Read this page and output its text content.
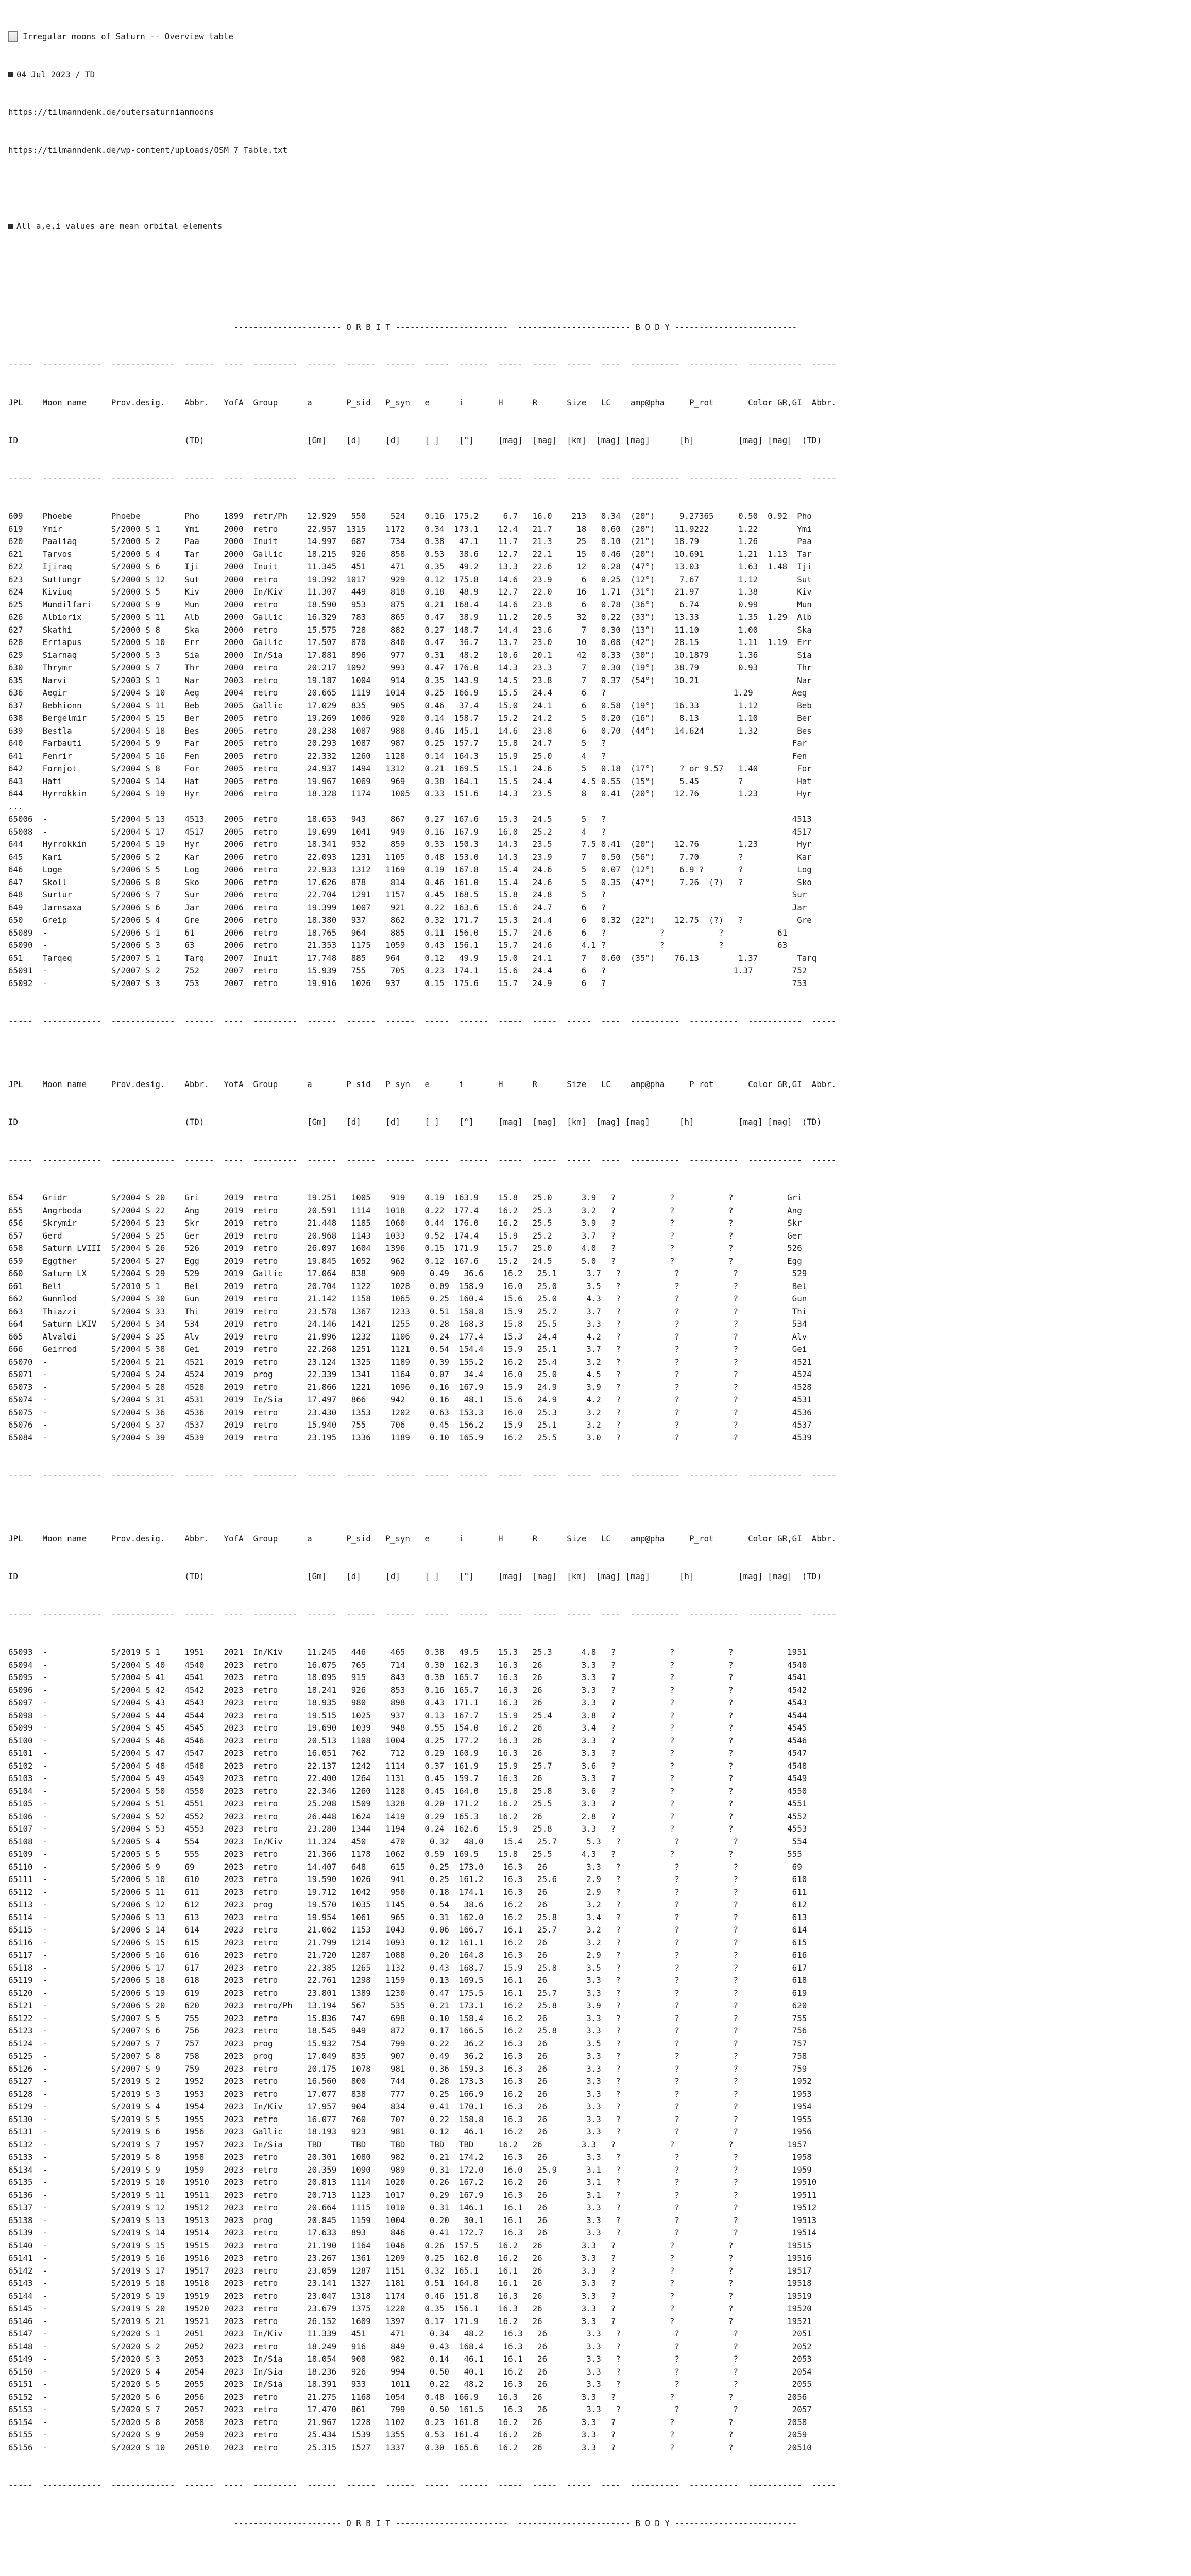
Irregular moons of Saturn -- Overview table

04 Jul 2023 / TD

https://tilmanndenk.de/outersaturnianmoons

https://tilmanndenk.de/wp-content/uploads/OSM_7_Table.txt

All a,e,i values are mean orbital elements

---------------------- O R B I T -----------------------  ----------------------- B O D Y -------------------------

-----  ------------  -------------  ------  ----  ---------  ------  ------  ------  -----  ------  -----  -----  -----  ----  ----------  ----------  -----------  -----

JPL    Moon name     Prov.desig.    Abbr.   YofA  Group      a       P_sid   P_syn   e      i       H      R      Size   LC    amp@pha     P_rot       Color GR,GI  Abbr.

ID                                  (TD)                     [Gm]    [d]     [d]     [ ]    [°]     [mag]  [mag]  [km]  [mag] [mag]      [h]         [mag] [mag]  (TD)

-----  ------------  -------------  ------  ----  ---------  ------  ------  ------  -----  ------  -----  -----  -----  ----  ----------  ----------  -----------  -----

609    Phoebe        Phoebe         Pho     1899  retr/Ph    12.929   550     524    0.16  175.2     6.7   16.0    213   0.34  (20°)     9.27365     0.50  0.92  Pho
619    Ymir          S/2000 S 1     Ymi     2000  retro      22.957  1315    1172    0.34  173.1    12.4   21.7     18   0.60  (20°)    11.9222      1.22        Ymi
620    Paaliaq       S/2000 S 2     Paa     2000  Inuit      14.997   687     734    0.38   47.1    11.7   21.3     25   0.10  (21°)    18.79        1.26        Paa
621    Tarvos        S/2000 S 4     Tar     2000  Gallic     18.215   926     858    0.53   38.6    12.7   22.1     15   0.46  (20°)    10.691       1.21  1.13  Tar
622    Ijiraq        S/2000 S 6     Iji     2000  Inuit      11.345   451     471    0.35   49.2    13.3   22.6     12   0.28  (47°)    13.03        1.63  1.48  Iji
623    Suttungr      S/2000 S 12    Sut     2000  retro      19.392  1017     929    0.12  175.8    14.6   23.9      6   0.25  (12°)     7.67        1.12        Sut
624    Kiviuq        S/2000 S 5     Kiv     2000  In/Kiv     11.307   449     818    0.18   48.9    12.7   22.0     16   1.71  (31°)    21.97        1.38        Kiv
625    Mundilfari    S/2000 S 9     Mun     2000  retro      18.590   953     875    0.21  168.4    14.6   23.8      6   0.78  (36°)     6.74        0.99        Mun
626    Albiorix      S/2000 S 11    Alb     2000  Gallic     16.329   783     865    0.47   38.9    11.2   20.5     32   0.22  (33°)    13.33        1.35  1.29  Alb
627    Skathi        S/2000 S 8     Ska     2000  retro      15.575   728     882    0.27  148.7    14.4   23.6      7   0.30  (13°)    11.10        1.00        Ska
628    Erriapus      S/2000 S 10    Err     2000  Gallic     17.507   870     840    0.47   36.7    13.7   23.0     10   0.08  (42°)    28.15        1.11  1.19  Err
629    Siarnaq       S/2000 S 3     Sia     2000  In/Sia     17.881   896     977    0.31   48.2    10.6   20.1     42   0.33  (30°)    10.1879      1.36        Sia
630    Thrymr        S/2000 S 7     Thr     2000  retro      20.217  1092     993    0.47  176.0    14.3   23.3      7   0.30  (19°)    38.79        0.93        Thr
635    Narvi         S/2003 S 1     Nar     2003  retro      19.187   1004    914    0.35  143.9    14.5   23.8      7   0.37  (54°)    10.21                    Nar
636    Aegir         S/2004 S 10    Aeg     2004  retro      20.665   1119   1014    0.25  166.9    15.5   24.4      6   ?                          1.29        Aeg
637    Bebhionn      S/2004 S 11    Beb     2005  Gallic     17.029   835     905    0.46   37.4    15.0   24.1      6   0.58  (19°)    16.33        1.12        Beb
638    Bergelmir     S/2004 S 15    Ber     2005  retro      19.269   1006    920    0.14  158.7    15.2   24.2      5   0.20  (16°)     8.13        1.10        Ber
639    Bestla        S/2004 S 18    Bes     2005  retro      20.238   1087    988    0.46  145.1    14.6   23.8      6   0.70  (44°)    14.624       1.32        Bes
640    Farbauti      S/2004 S 9     Far     2005  retro      20.293   1087    987    0.25  157.7    15.8   24.7      5   ?                                      Far
641    Fenrir        S/2004 S 16    Fen     2005  retro      22.332   1260   1128    0.14  164.3    15.9   25.0      4   ?                                      Fen
642    Fornjot       S/2004 S 8     For     2005  retro      24.937   1494   1312    0.21  169.5    15.1   24.6      5   0.18  (17°)     ? or 9.57   1.40        For
643    Hati          S/2004 S 14    Hat     2005  retro      19.967   1069    969    0.38  164.1    15.5   24.4      4.5 0.55  (15°)     5.45        ?           Hat
644    Hyrrokkin     S/2004 S 19    Hyr     2006  retro      18.328   1174    1005   0.33  151.6    14.3   23.5      8   0.41  (20°)    12.76        1.23        Hyr
...
65006  -             S/2004 S 13    4513    2005  retro      18.653   943     867    0.27  167.6    15.3   24.5      5   ?                                      4513
65008  -             S/2004 S 17    4517    2005  retro      19.699   1041    949    0.16  167.9    16.0   25.2      4   ?                                      4517
644    Hyrrokkin     S/2004 S 19    Hyr     2006  retro      18.341   932     859    0.33  150.3    14.3   23.5      7.5 0.41  (20°)    12.76        1.23        Hyr
645    Kari          S/2006 S 2     Kar     2006  retro      22.093   1231   1105    0.48  153.0    14.3   23.9      7   0.50  (56°)     7.70        ?           Kar
646    Loge          S/2006 S 5     Log     2006  retro      22.933   1312   1169    0.19  167.8    15.4   24.6      5   0.07  (12°)     6.9 ?       ?           Log
647    Skoll         S/2006 S 8     Sko     2006  retro      17.626   878     814    0.46  161.0    15.4   24.6      5   0.35  (47°)     7.26  (?)   ?           Sko
648    Surtur        S/2006 S 7     Sur     2006  retro      22.704   1291   1157    0.45  168.5    15.8   24.8      5   ?                                      Sur
649    Jarnsaxa      S/2006 S 6     Jar     2006  retro      19.399   1007    921    0.22  163.6    15.6   24.7      6   ?                                      Jar
650    Greip         S/2006 S 4     Gre     2006  retro      18.380   937     862    0.32  171.7    15.3   24.4      6   0.32  (22°)    12.75  (?)   ?           Gre
65089  -             S/2006 S 1     61      2006  retro      18.765   964     885    0.11  156.0    15.7   24.6      6   ?           ?           ?           61
65090  -             S/2006 S 3     63      2006  retro      21.353   1175   1059    0.43  156.1    15.7   24.6      4.1 ?           ?           ?           63
651    Tarqeq        S/2007 S 1     Tarq    2007  Inuit      17.748   885    964     0.12   49.9    15.0   24.1      7   0.60  (35°)    76.13        1.37        Tarq
65091  -             S/2007 S 2     752     2007  retro      15.939   755     705    0.23  174.1    15.6   24.4      6   ?                          1.37        752
65092  -             S/2007 S 3     753     2007  retro      19.916   1026   937     0.15  175.6    15.7   24.9      6   ?                                      753

-----  ------------  -------------  ------  ----  ---------  ------  ------  ------  -----  ------  -----  -----  -----  ----  ----------  ----------  -----------  -----

JPL    Moon name     Prov.desig.    Abbr.   YofA  Group      a       P_sid   P_syn   e      i       H      R      Size   LC    amp@pha     P_rot       Color GR,GI  Abbr.

ID                                  (TD)                     [Gm]    [d]     [d]     [ ]    [°]     [mag]  [mag]  [km]  [mag] [mag]      [h]         [mag] [mag]  (TD)

-----  ------------  -------------  ------  ----  ---------  ------  ------  ------  -----  ------  -----  -----  -----  ----  ----------  ----------  -----------  -----

654    Gridr         S/2004 S 20    Gri     2019  retro      19.251   1005    919    0.19  163.9    15.8   25.0      3.9   ?           ?           ?           Gri
655    Angrboda      S/2004 S 22    Ang     2019  retro      20.591   1114   1018    0.22  177.4    16.2   25.3      3.2   ?           ?           ?           Ang
656    Skrymir       S/2004 S 23    Skr     2019  retro      21.448   1185   1060    0.44  176.0    16.2   25.5      3.9   ?           ?           ?           Skr
657    Gerd          S/2004 S 25    Ger     2019  retro      20.968   1143   1033    0.52  174.4    15.9   25.2      3.7   ?           ?           ?           Ger
658    Saturn LVIII  S/2004 S 26    526     2019  retro      26.097   1604   1396    0.15  171.9    15.7   25.0      4.0   ?           ?           ?           526
659    Eggther       S/2004 S 27    Egg     2019  retro      19.845   1052    962    0.12  167.6    15.2   24.5      5.0   ?           ?           ?           Egg
660    Saturn LX     S/2004 S 29    529     2019  Gallic     17.064   838     909     0.49   36.6    16.2   25.1      3.7   ?           ?           ?           529
661    Beli          S/2010 S 1     Bel     2019  retro      20.704   1122    1028    0.09  158.9    16.0   25.0      3.5   ?           ?           ?           Bel
662    Gunnlod       S/2004 S 30    Gun     2019  retro      21.142   1158    1065    0.25  160.4    15.6   25.0      4.3   ?           ?           ?           Gun
663    Thiazzi       S/2004 S 33    Thi     2019  retro      23.578   1367    1233    0.51  158.8    15.9   25.2      3.7   ?           ?           ?           Thi
664    Saturn LXIV   S/2004 S 34    534     2019  retro      24.146   1421    1255    0.28  168.3    15.8   25.5      3.3   ?           ?           ?           534
665    Alvaldi       S/2004 S 35    Alv     2019  retro      21.996   1232    1106    0.24  177.4    15.3   24.4      4.2   ?           ?           ?           Alv
666    Geirrod       S/2004 S 38    Gei     2019  retro      22.268   1251    1121    0.54  154.4    15.9   25.1      3.7   ?           ?           ?           Gei
65070  -             S/2004 S 21    4521    2019  retro      23.124   1325    1189    0.39  155.2    16.2   25.4      3.2   ?           ?           ?           4521
65071  -             S/2004 S 24    4524    2019  prog       22.339   1341    1164    0.07   34.4    16.0   25.0      4.5   ?           ?           ?           4524
65073  -             S/2004 S 28    4528    2019  retro      21.866   1221    1096    0.16  167.9    15.9   24.9      3.9   ?           ?           ?           4528
65074  -             S/2004 S 31    4531    2019  In/Sia     17.497   866     942     0.16   48.1    15.6   24.9      4.2   ?           ?           ?           4531
65075  -             S/2004 S 36    4536    2019  retro      23.430   1353    1202    0.63  153.3    16.0   25.3      3.2   ?           ?           ?           4536
65076  -             S/2004 S 37    4537    2019  retro      15.940   755     706     0.45  156.2    15.9   25.1      3.2   ?           ?           ?           4537
65084  -             S/2004 S 39    4539    2019  retro      23.195   1336    1189    0.10  165.9    16.2   25.5      3.0   ?           ?           ?           4539

-----  ------------  -------------  ------  ----  ---------  ------  ------  ------  -----  ------  -----  -----  -----  ----  ----------  ----------  -----------  -----

JPL    Moon name     Prov.desig.    Abbr.   YofA  Group      a       P_sid   P_syn   e      i       H      R      Size   LC    amp@pha     P_rot       Color GR,GI  Abbr.

ID                                  (TD)                     [Gm]    [d]     [d]     [ ]    [°]     [mag]  [mag]  [km]  [mag] [mag]      [h]         [mag] [mag]  (TD)

-----  ------------  -------------  ------  ----  ---------  ------  ------  ------  -----  ------  -----  -----  -----  ----  ----------  ----------  -----------  -----

65093  -             S/2019 S 1     1951    2021  In/Kiv     11.245   446     465    0.38   49.5    15.3   25.3      4.8   ?           ?           ?           1951
65094  -             S/2004 S 40    4540    2023  retro      16.075   765     714    0.30  162.3    16.3   26        3.3   ?           ?           ?           4540
65095  -             S/2004 S 41    4541    2023  retro      18.095   915     843    0.30  165.7    16.3   26        3.3   ?           ?           ?           4541
65096  -             S/2004 S 42    4542    2023  retro      18.241   926     853    0.16  165.7    16.3   26        3.3   ?           ?           ?           4542
65097  -             S/2004 S 43    4543    2023  retro      18.935   980     898    0.43  171.1    16.3   26        3.3   ?           ?           ?           4543
65098  -             S/2004 S 44    4544    2023  retro      19.515   1025    937    0.13  167.7    15.9   25.4      3.8   ?           ?           ?           4544
65099  -             S/2004 S 45    4545    2023  retro      19.690   1039    948    0.55  154.0    16.2   26        3.4   ?           ?           ?           4545
65100  -             S/2004 S 46    4546    2023  retro      20.513   1108   1004    0.25  177.2    16.3   26        3.3   ?           ?           ?           4546
65101  -             S/2004 S 47    4547    2023  retro      16.051   762     712    0.29  160.9    16.3   26        3.3   ?           ?           ?           4547
65102  -             S/2004 S 48    4548    2023  retro      22.137   1242   1114    0.37  161.9    15.9   25.7      3.6   ?           ?           ?           4548
65103  -             S/2004 S 49    4549    2023  retro      22.400   1264   1131    0.45  159.7    16.3   26        3.3   ?           ?           ?           4549
65104  -             S/2004 S 50    4550    2023  retro      22.346   1260   1128    0.45  164.0    15.8   25.8      3.6   ?           ?           ?           4550
65105  -             S/2004 S 51    4551    2023  retro      25.208   1509   1328    0.20  171.2    16.2   25.5      3.3   ?           ?           ?           4551
65106  -             S/2004 S 52    4552    2023  retro      26.448   1624   1419    0.29  165.3    16.2   26        2.8   ?           ?           ?           4552
65107  -             S/2004 S 53    4553    2023  retro      23.280   1344   1194    0.24  162.6    15.9   25.8      3.3   ?           ?           ?           4553
65108  -             S/2005 S 4     554     2023  In/Kiv     11.324   450     470     0.32   48.0    15.4   25.7      5.3   ?           ?           ?           554
65109  -             S/2005 S 5     555     2023  retro      21.366   1178   1062    0.59  169.5    15.8   25.5      4.3   ?           ?           ?           555
65110  -             S/2006 S 9     69      2023  retro      14.407   648     615     0.25  173.0    16.3   26        3.3   ?           ?           ?           69
65111  -             S/2006 S 10    610     2023  retro      19.590   1026    941     0.25  161.2    16.3   25.6      2.9   ?           ?           ?           610
65112  -             S/2006 S 11    611     2023  retro      19.712   1042    950     0.18  174.1    16.3   26        2.9   ?           ?           ?           611
65113  -             S/2006 S 12    612     2023  prog       19.570   1035   1145     0.54   38.6    16.2   26        3.2   ?           ?           ?           612
65114  -             S/2006 S 13    613     2023  retro      19.954   1061    965     0.31  162.0    16.2   25.8      3.4   ?           ?           ?           613
65115  -             S/2006 S 14    614     2023  retro      21.062   1153   1043     0.06  166.7    16.1   25.7      3.2   ?           ?           ?           614
65116  -             S/2006 S 15    615     2023  retro      21.799   1214   1093     0.12  161.1    16.2   26        3.2   ?           ?           ?           615
65117  -             S/2006 S 16    616     2023  retro      21.720   1207   1088     0.20  164.8    16.3   26        2.9   ?           ?           ?           616
65118  -             S/2006 S 17    617     2023  retro      22.385   1265   1132     0.43  168.7    15.9   25.8      3.5   ?           ?           ?           617
65119  -             S/2006 S 18    618     2023  retro      22.761   1298   1159     0.13  169.5    16.1   26        3.3   ?           ?           ?           618
65120  -             S/2006 S 19    619     2023  retro      23.801   1389   1230     0.47  175.5    16.1   25.7      3.3   ?           ?           ?           619
65121  -             S/2006 S 20    620     2023  retro/Ph   13.194   567     535     0.21  173.1    16.2   25.8      3.9   ?           ?           ?           620
65122  -             S/2007 S 5     755     2023  retro      15.836   747     698     0.10  158.4    16.2   26        3.3   ?           ?           ?           755
65123  -             S/2007 S 6     756     2023  retro      18.545   949     872     0.17  166.5    16.2   25.8      3.3   ?           ?           ?           756
65124  -             S/2007 S 7     757     2023  prog       15.932   754     799     0.22   36.2    16.3   26        3.5   ?           ?           ?           757
65125  -             S/2007 S 8     758     2023  prog       17.049   835     907     0.49   36.2    16.3   26        3.3   ?           ?           ?           758
65126  -             S/2007 S 9     759     2023  retro      20.175   1078    981     0.36  159.3    16.3   26        3.3   ?           ?           ?           759
65127  -             S/2019 S 2     1952    2023  retro      16.560   800     744     0.28  173.3    16.3   26        3.3   ?           ?           ?           1952
65128  -             S/2019 S 3     1953    2023  retro      17.077   838     777     0.25  166.9    16.2   26        3.3   ?           ?           ?           1953
65129  -             S/2019 S 4     1954    2023  In/Kiv     17.957   904     834     0.41  170.1    16.3   26        3.3   ?           ?           ?           1954
65130  -             S/2019 S 5     1955    2023  retro      16.077   760     707     0.22  158.8    16.3   26        3.3   ?           ?           ?           1955
65131  -             S/2019 S 6     1956    2023  Gallic     18.193   923     981     0.12   46.1    16.2   26        3.3   ?           ?           ?           1956
65132  -             S/2019 S 7     1957    2023  In/Sia     TBD      TBD     TBD     TBD   TBD     16.2   26        3.3   ?           ?           ?           1957
65133  -             S/2019 S 8     1958    2023  retro      20.301   1080    982     0.21  174.2    16.3   26        3.3   ?           ?           ?           1958
65134  -             S/2019 S 9     1959    2023  retro      20.359   1090    989     0.31  172.0    16.0   25.9      3.1   ?           ?           ?           1959
65135  -             S/2019 S 10    19510   2023  retro      20.813   1114   1020     0.26  167.2    16.2   26        3.1   ?           ?           ?           19510
65136  -             S/2019 S 11    19511   2023  retro      20.713   1123   1017     0.29  167.9    16.3   26        3.1   ?           ?           ?           19511
65137  -             S/2019 S 12    19512   2023  retro      20.664   1115   1010     0.31  146.1    16.1   26        3.3   ?           ?           ?           19512
65138  -             S/2019 S 13    19513   2023  prog       20.845   1159   1004     0.20   30.1    16.1   26        3.3   ?           ?           ?           19513
65139  -             S/2019 S 14    19514   2023  retro      17.633   893     846     0.41  172.7    16.3   26        3.3   ?           ?           ?           19514
65140  -             S/2019 S 15    19515   2023  retro      21.190   1164   1046    0.26  157.5    16.2   26        3.3   ?           ?           ?           19515
65141  -             S/2019 S 16    19516   2023  retro      23.267   1361   1209    0.25  162.0    16.2   26        3.3   ?           ?           ?           19516
65142  -             S/2019 S 17    19517   2023  retro      23.059   1287   1151    0.32  165.1    16.1   26        3.3   ?           ?           ?           19517
65143  -             S/2019 S 18    19518   2023  retro      23.141   1327   1181    0.51  164.8    16.1   26        3.3   ?           ?           ?           19518
65144  -             S/2019 S 19    19519   2023  retro      23.047   1318   1174    0.46  151.8    16.3   26        3.3   ?           ?           ?           19519
65145  -             S/2019 S 20    19520   2023  retro      23.679   1375   1220    0.35  156.1    16.3   26        3.3   ?           ?           ?           19520
65146  -             S/2019 S 21    19521   2023  retro      26.152   1609   1397    0.17  171.9    16.2   26        3.3   ?           ?           ?           19521
65147  -             S/2020 S 1     2051    2023  In/Kiv     11.339   451     471     0.34   48.2    16.3   26        3.3   ?           ?           ?           2051
65148  -             S/2020 S 2     2052    2023  retro      18.249   916     849     0.43  168.4    16.3   26        3.3   ?           ?           ?           2052
65149  -             S/2020 S 3     2053    2023  In/Sia     18.054   908     982     0.14   46.1    16.1   26        3.3   ?           ?           ?           2053
65150  -             S/2020 S 4     2054    2023  In/Sia     18.236   926     994     0.50   40.1    16.2   26        3.3   ?           ?           ?           2054
65151  -             S/2020 S 5     2055    2023  In/Sia     18.391   933     1011    0.22   48.2    16.3   26        3.3   ?           ?           ?           2055
65152  -             S/2020 S 6     2056    2023  retro      21.275   1168   1054    0.48  166.9    16.3   26        3.3   ?           ?           ?           2056
65153  -             S/2020 S 7     2057    2023  retro      17.470   861     799     0.50  161.5    16.3   26        3.3   ?           ?           ?           2057
65154  -             S/2020 S 8     2058    2023  retro      21.967   1228   1102    0.23  161.8    16.2   26        3.3   ?           ?           ?           2058
65155  -             S/2020 S 9     2059    2023  retro      25.434   1539   1355    0.53  161.4    16.2   26        3.3   ?           ?           ?           2059
65156  -             S/2020 S 10    20510   2023  retro      25.315   1527   1337    0.30  165.6    16.2   26        3.3   ?           ?           ?           20510

-----  ------------  -------------  ------  ----  ---------  ------  ------  ------  -----  ------  -----  -----  -----  ----  ----------  ----------  -----------  -----

---------------------- O R B I T -----------------------  ----------------------- B O D Y -------------------------
